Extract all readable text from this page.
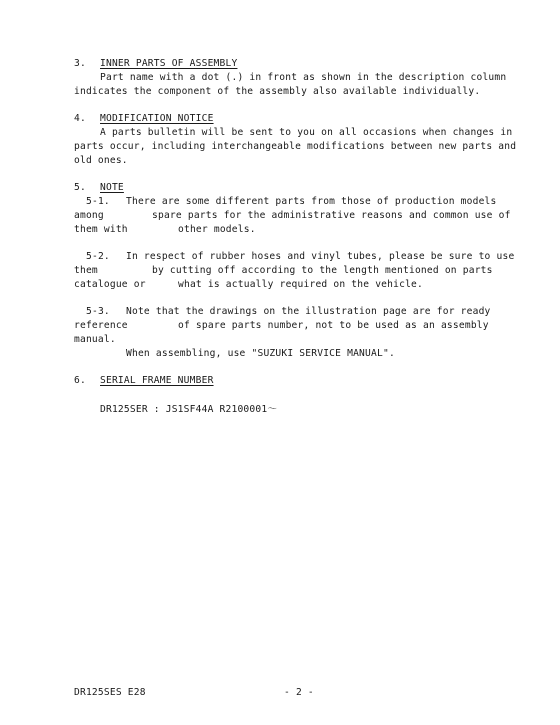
3. INNER PARTS OF ASSEMBLY
Part name with a dot (.) in front as shown in the description column
indicates the component of the assembly also available individually.
4. MODIFICATION NOTICE
A parts bulletin will be sent to you on all occasions when changes in
parts occur, including interchangeable modifications between new parts and
old ones.
5. NOTE
5-1. There are some different parts from those of production models
among	spare parts for the administrative reasons and common use of
them with	other models.
5-2. In respect of rubber hoses and vinyl tubes, please be sure to use
them	by cutting off according to the length mentioned on parts
catalogue or	what is actually required on the vehicle.
5-3. Note that the drawings on the illustration page are for ready
reference	of spare parts number, not to be used as an assembly
manual.
When assembling, use "SUZUKI SERVICE MANUAL".
6. SERIAL FRAME NUMBER
DR125SER : JS1SF44A R2100001〜
DR125SES E28	- 2 -
